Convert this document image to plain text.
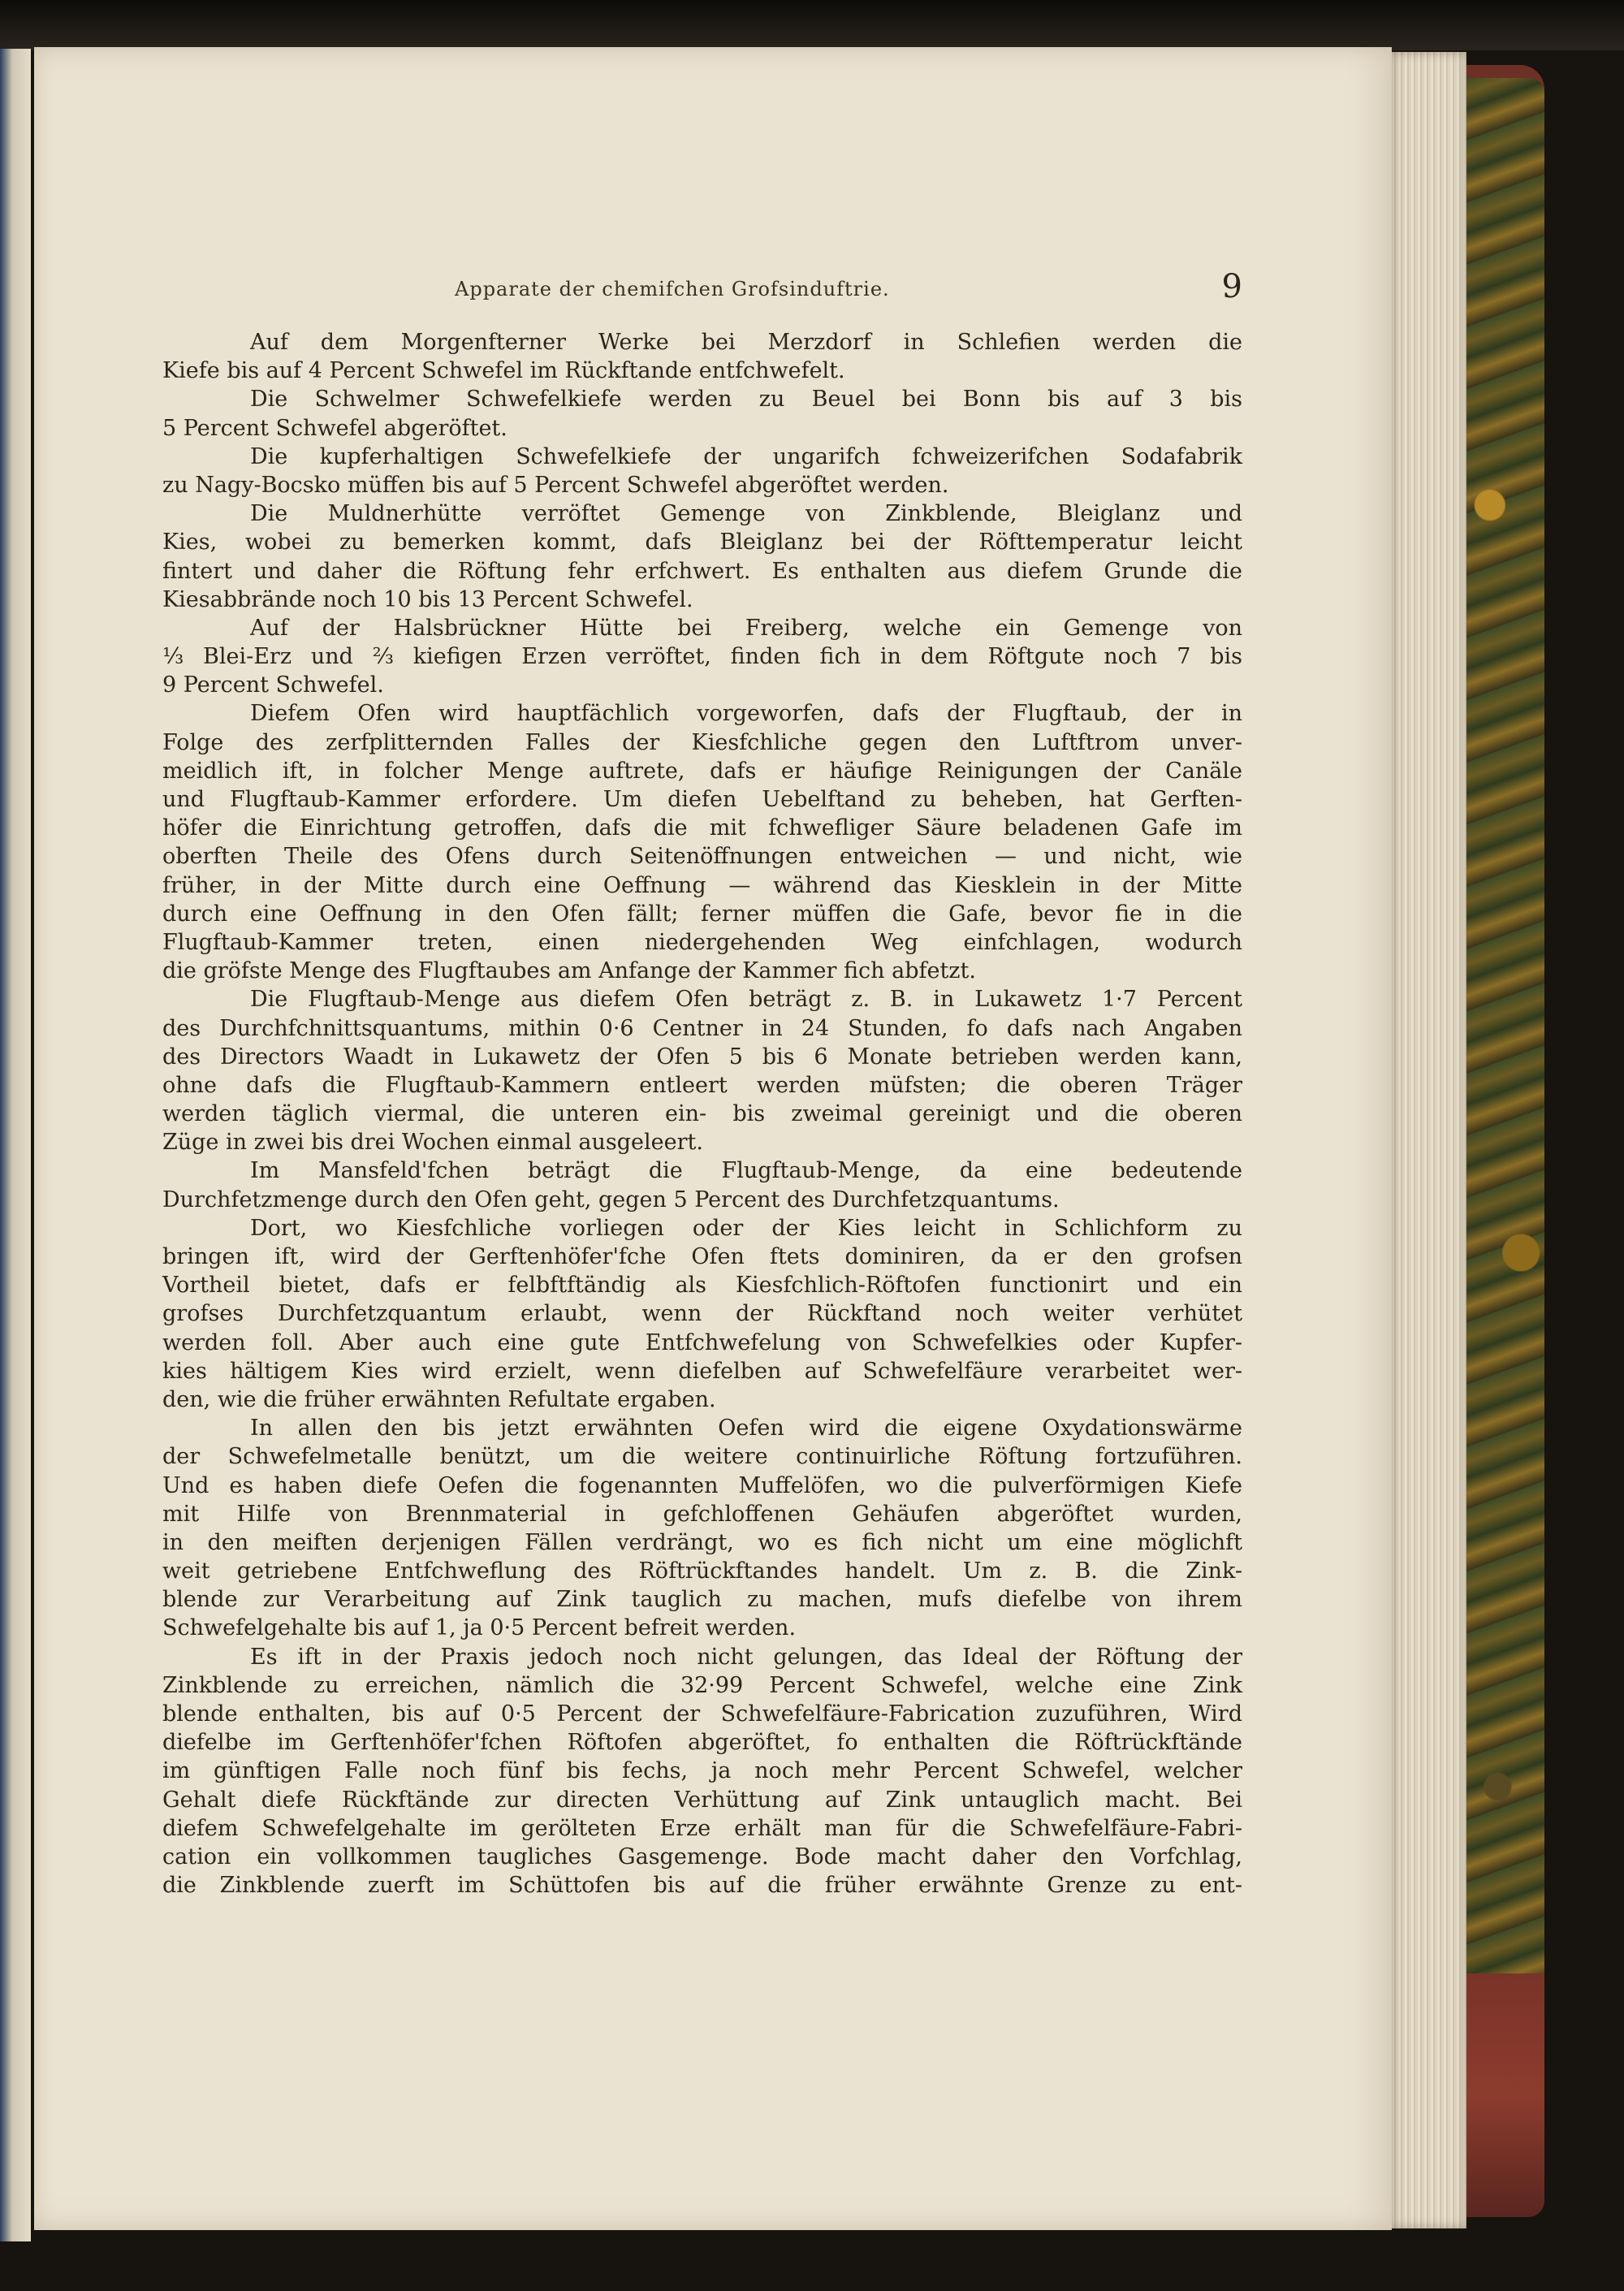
Apparate der chemifchen Grofsinduftrie.	9
Auf dem Morgenfterner Werke bei Merzdorf in Schlefien werden die
Kiefe bis auf 4 Percent Schwefel im Rückftande entfchwefelt.
Die Schwelmer Schwefelkiefe werden zu Beuel bei Bonn bis auf 3 bis
5 Percent Schwefel abgeröftet.
Die kupferhaltigen Schwefelkiefe der ungarifch fchweizerifchen Sodafabrik
zu Nagy-Bocsko müffen bis auf 5 Percent Schwefel abgeröftet werden.
Die Muldnerhütte verröftet Gemenge von Zinkblende, Bleiglanz und
Kies, wobei zu bemerken kommt, dafs Bleiglanz bei der Röfttemperatur leicht
fintert und daher die Röftung fehr erfchwert. Es enthalten aus diefem Grunde die
Kiesabbrände noch 10 bis 13 Percent Schwefel.
Auf der Halsbrückner Hütte bei Freiberg, welche ein Gemenge von
⅓ Blei-Erz und ⅔ kiefigen Erzen verröftet, finden fich in dem Röftgute noch 7 bis
9 Percent Schwefel.
Diefem Ofen wird hauptfächlich vorgeworfen, dafs der Flugftaub, der in
Folge des zerfplitternden Falles der Kiesfchliche gegen den Luftftrom unver-
meidlich ift, in folcher Menge auftrete, dafs er häufige Reinigungen der Canäle
und Flugftaub-Kammer erfordere. Um diefen Uebelftand zu beheben, hat Gerften-
höfer die Einrichtung getroffen, dafs die mit fchwefliger Säure beladenen Gafe im
oberften Theile des Ofens durch Seitenöffnungen entweichen — und nicht, wie
früher, in der Mitte durch eine Oeffnung — während das Kiesklein in der Mitte
durch eine Oeffnung in den Ofen fällt; ferner müffen die Gafe, bevor fie in die
Flugftaub-Kammer treten, einen niedergehenden Weg einfchlagen, wodurch
die gröfste Menge des Flugftaubes am Anfange der Kammer fich abfetzt.
Die Flugftaub-Menge aus diefem Ofen beträgt z. B. in Lukawetz 1·7 Percent
des Durchfchnittsquantums, mithin 0·6 Centner in 24 Stunden, fo dafs nach Angaben
des Directors Waadt in Lukawetz der Ofen 5 bis 6 Monate betrieben werden kann,
ohne dafs die Flugftaub-Kammern entleert werden müfsten; die oberen Träger
werden täglich viermal, die unteren ein- bis zweimal gereinigt und die oberen
Züge in zwei bis drei Wochen einmal ausgeleert.
Im Mansfeld'fchen beträgt die Flugftaub-Menge, da eine bedeutende
Durchfetzmenge durch den Ofen geht, gegen 5 Percent des Durchfetzquantums.
Dort, wo Kiesfchliche vorliegen oder der Kies leicht in Schlichform zu
bringen ift, wird der Gerftenhöfer'fche Ofen ftets dominiren, da er den grofsen
Vortheil bietet, dafs er felbftftändig als Kiesfchlich-Röftofen functionirt und ein
grofses Durchfetzquantum erlaubt, wenn der Rückftand noch weiter verhütet
werden foll. Aber auch eine gute Entfchwefelung von Schwefelkies oder Kupfer-
kies hältigem Kies wird erzielt, wenn diefelben auf Schwefelfäure verarbeitet wer-
den, wie die früher erwähnten Refultate ergaben.
In allen den bis jetzt erwähnten Oefen wird die eigene Oxydationswärme
der Schwefelmetalle benützt, um die weitere continuirliche Röftung fortzuführen.
Und es haben diefe Oefen die fogenannten Muffelöfen, wo die pulverförmigen Kiefe
mit Hilfe von Brennmaterial in gefchloffenen Gehäufen abgeröftet wurden,
in den meiften derjenigen Fällen verdrängt, wo es fich nicht um eine möglichft
weit getriebene Entfchweflung des Röftrückftandes handelt. Um z. B. die Zink-
blende zur Verarbeitung auf Zink tauglich zu machen, mufs diefelbe von ihrem
Schwefelgehalte bis auf 1, ja 0·5 Percent befreit werden.
Es ift in der Praxis jedoch noch nicht gelungen, das Ideal der Röftung der
Zinkblende zu erreichen, nämlich die 32·99 Percent Schwefel, welche eine Zink
blende enthalten, bis auf 0·5 Percent der Schwefelfäure-Fabrication zuzuführen, Wird
diefelbe im Gerftenhöfer'fchen Röftofen abgeröftet, fo enthalten die Röftrückftände
im günftigen Falle noch fünf bis fechs, ja noch mehr Percent Schwefel, welcher
Gehalt diefe Rückftände zur directen Verhüttung auf Zink untauglich macht. Bei
diefem Schwefelgehalte im gerölteten Erze erhält man für die Schwefelfäure-Fabri-
cation ein vollkommen taugliches Gasgemenge. Bode macht daher den Vorfchlag,
die Zinkblende zuerft im Schüttofen bis auf die früher erwähnte Grenze zu ent-
